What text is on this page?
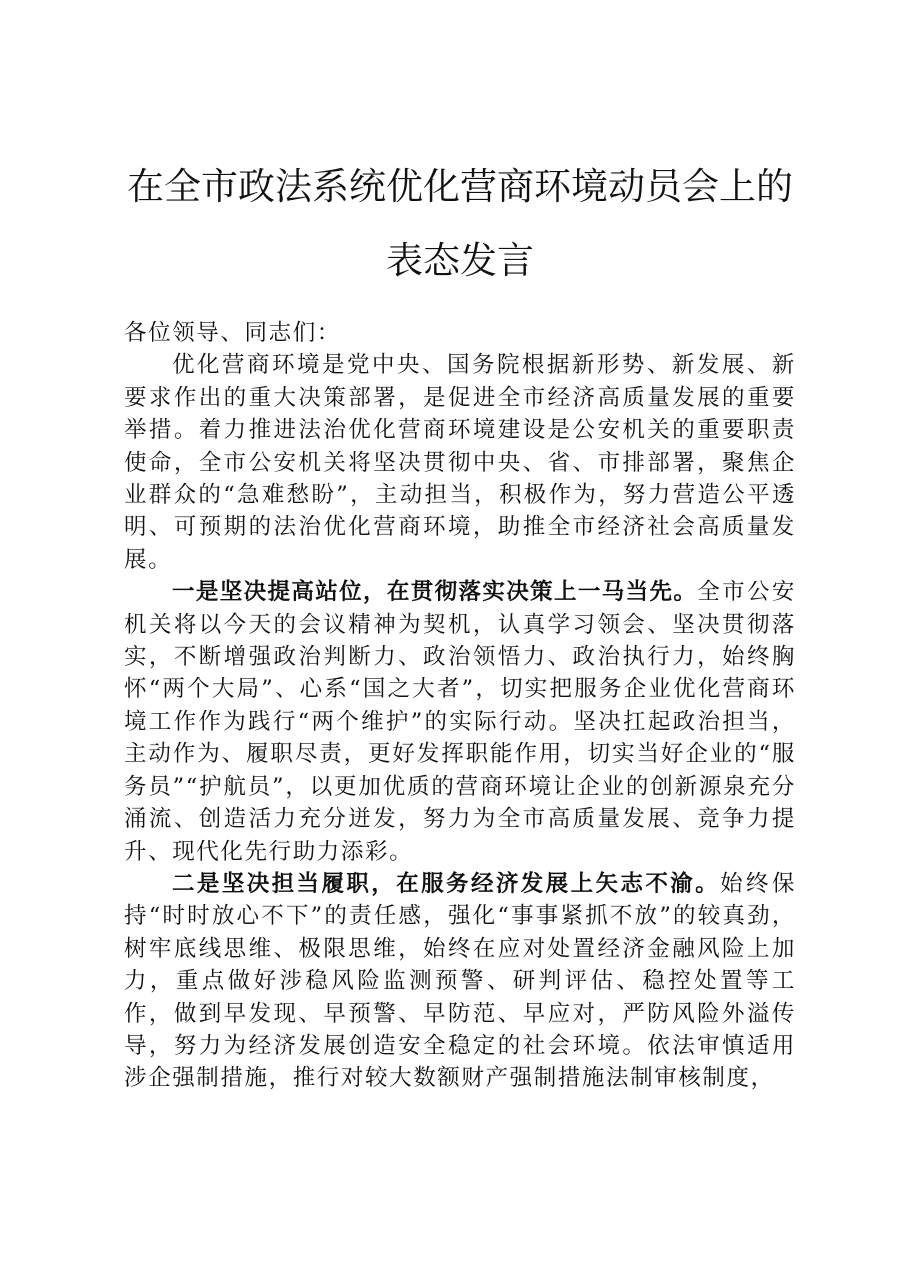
在全市政法系统优化营商环境动员会上的表态发言

各位领导、同志们：

优化营商环境是党中央、国务院根据新形势、新发展、新要求作出的重大决策部署，是促进全市经济高质量发展的重要举措。着力推进法治优化营商环境建设是公安机关的重要职责使命，全市公安机关将坚决贯彻中央、省、市排部署，聚焦企业群众的“急难愁盼”，主动担当，积极作为，努力营造公平透明、可预期的法治优化营商环境，助推全市经济社会高质量发展。

一是坚决提高站位，在贯彻落实决策上一马当先。全市公安机关将以今天的会议精神为契机，认真学习领会、坚决贯彻落实，不断增强政治判断力、政治领悟力、政治执行力，始终胸怀“两个大局”、心系“国之大者”，切实把服务企业优化营商环境工作作为践行“两个维护”的实际行动。坚决扛起政治担当，主动作为、履职尽责，更好发挥职能作用，切实当好企业的“服务员”“护航员”，以更加优质的营商环境让企业的创新源泉充分涌流、创造活力充分迸发，努力为全市高质量发展、竞争力提升、现代化先行助力添彩。

二是坚决担当履职，在服务经济发展上矢志不渝。始终保持“时时放心不下”的责任感，强化“事事紧抓不放”的较真劲，树牢底线思维、极限思维，始终在应对处置经济金融风险上加力，重点做好涉稳风险监测预警、研判评估、稳控处置等工作，做到早发现、早预警、早防范、早应对，严防风险外溢传导，努力为经济发展创造安全稳定的社会环境。依法审慎适用涉企强制措施，推行对较大数额财产强制措施法制审核制度，
